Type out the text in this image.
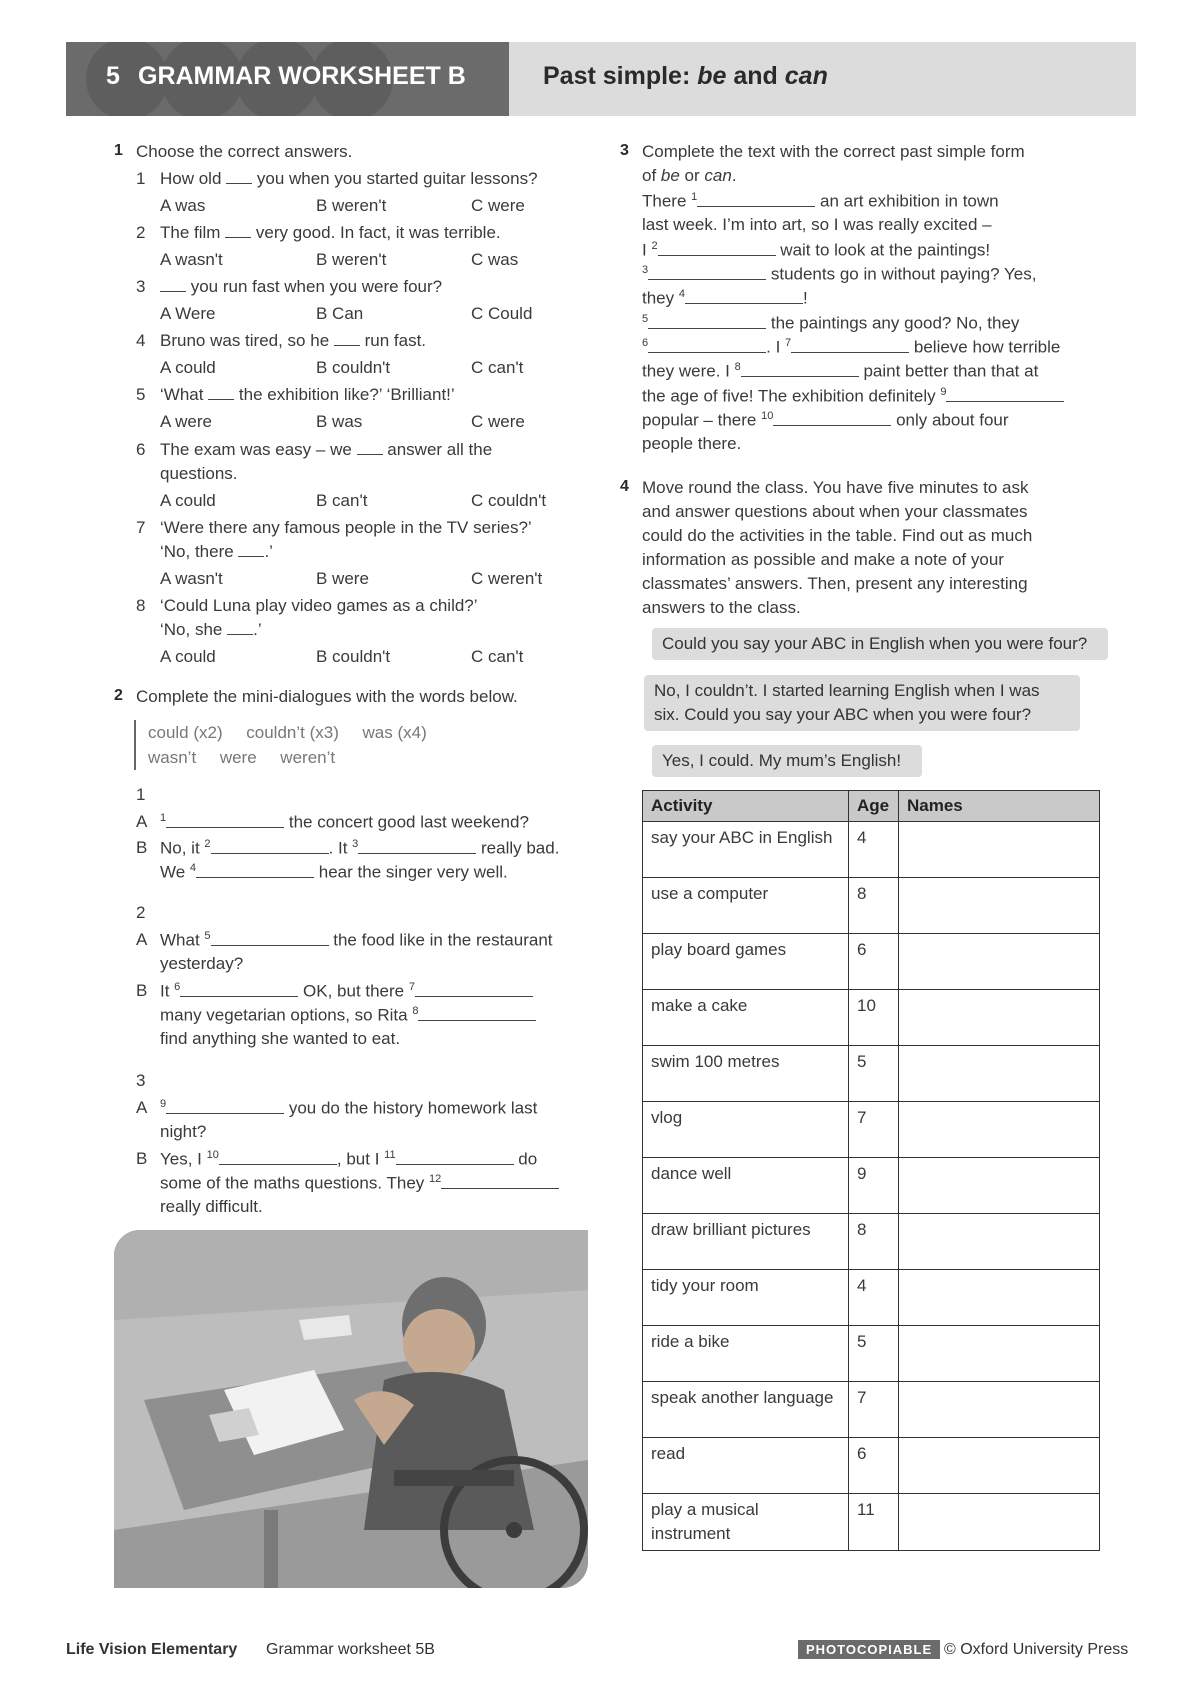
5 GRAMMAR WORKSHEET B	Past simple: be and can
1 Choose the correct answers.
1 How old  you when you started guitar lessons?
A was	B weren't	C were
2 The film  very good. In fact, it was terrible.
A wasn't	B weren't	C was
3	you run fast when you were four?
A Were	B Can	C Could
4 Bruno was tired, so he  run fast.
A could	B couldn't	C can't
5 ‘What  the exhibition like?’ ‘Brilliant!’
A were	B was	C were
6 The exam was easy – we  answer all the
questions.
A could	B can't	C couldn't
7 ‘Were there any famous people in the TV series?’
‘No, there .’
A wasn't	B were	C weren't
8 ‘Could Luna play video games as a child?’
‘No, she .’
A could	B couldn't	C can't
2 Complete the mini-dialogues with the words below.
could (x2) couldn’t (x3) was (x4)
wasn’t were weren’t
1
A $^1$	the concert good last weekend?
B No, it $^2$	. It $^3$	really bad.
We $^4$	hear the singer very well.
2
A What $^5$	the food like in the restaurant
yesterday?
B It $^6$	OK, but there $^7$
many vegetarian options, so Rita $^8$
find anything she wanted to eat.
3
A $^9$	you do the history homework last
night?
B Yes, I $^{10}$	, but I $^{11}$	do
some of the maths questions. They $^{12}$
really difficult.
3 Complete the text with the correct past simple form
of be or can.
There $^1$	an art exhibition in town
last week. I’m into art, so I was really excited –
I $^2$	wait to look at the paintings!
$^3$	students go in without paying? Yes,
they $^4$	!
$^5$	the paintings any good? No, they
$^6$	. I $^7$	believe how terrible
they were. I $^8$	paint better than that at
the age of five! The exhibition definitely $^9$
popular – there $^{10}$	only about four
people there.
4 Move round the class. You have five minutes to ask
and answer questions about when your classmates
could do the activities in the table. Find out as much
information as possible and make a note of your
classmates’ answers. Then, present any interesting
answers to the class.
Could you say your ABC in English when you were four?
No, I couldn’t. I started learning English when I was
six. Could you say your ABC when you were four?
Yes, I could. My mum’s English!
Activity	Age	Names
say your ABC in English	4	
use a computer	8	
play board games	6	
make a cake	10	
swim 100 metres	5	
vlog	7	
dance well	9	
draw brilliant pictures	8	
tidy your room	4	
ride a bike	5	
speak another language	7	
read	6	
play a musical instrument	11	
Life Vision Elementary Grammar worksheet 5B	PHOTOCOPIABLE © Oxford University Press
